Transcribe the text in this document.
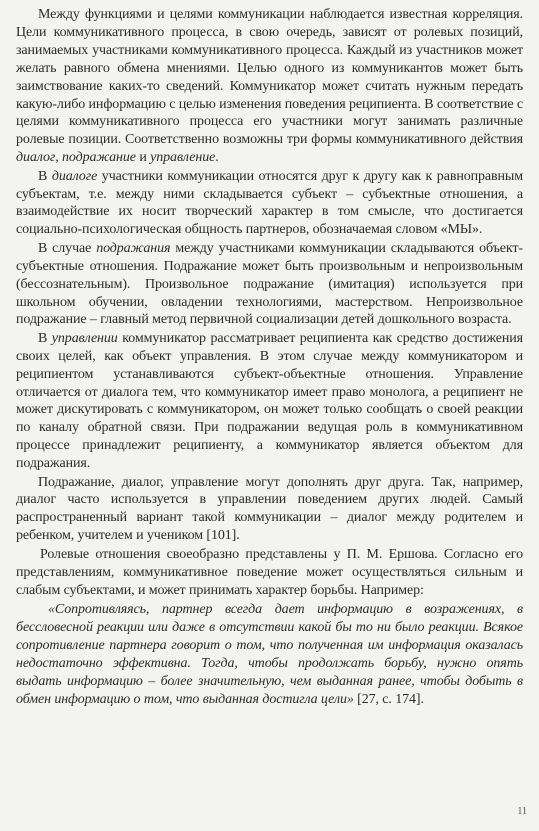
Между функциями и целями коммуникации наблюдается известная корреляция. Цели коммуникативного процесса, в свою очередь, зависят от ролевых позиций, занимаемых участниками коммуникативного процесса. Каждый из участников может желать равного обмена мнениями. Целью одного из коммуникантов может быть заимствование каких-то сведений. Коммуникатор может считать нужным передать какую-либо информацию с целью изменения поведения реципиента. В соответствие с целями коммуникативного процесса его участники могут занимать различные ролевые позиции. Соответственно возможны три формы коммуникативного действия диалог, подражание и управление.

В диалоге участники коммуникации относятся друг к другу как к равноправным субъектам, т.е. между ними складывается субъект – субъектные отношения, а взаимодействие их носит творческий характер в том смысле, что достигается социально-психологическая общность партнеров, обозначаемая словом «МЫ».

В случае подражания между участниками коммуникации складываются объект-субъектные отношения. Подражание может быть произвольным и непроизвольным (бессознательным). Произвольное подражание (имитация) используется при школьном обучении, овладении технологиями, мастерством. Непроизвольное подражание – главный метод первичной социализации детей дошкольного возраста.

В управлении коммуникатор рассматривает реципиента как средство достижения своих целей, как объект управления. В этом случае между коммуникатором и реципиентом устанавливаются субъект-объектные отношения. Управление отличается от диалога тем, что коммуникатор имеет право монолога, а реципиент не может дискутировать с коммуникатором, он может только сообщать о своей реакции по каналу обратной связи. При подражании ведущая роль в коммуникативном процессе принадлежит реципиенту, а коммуникатор является объектом для подражания.

Подражание, диалог, управление могут дополнять друг друга. Так, например, диалог часто используется в управлении поведением других людей. Самый распространенный вариант такой коммуникации – диалог между родителем и ребенком, учителем и учеником [101].

Ролевые отношения своеобразно представлены у П. М. Ершова. Согласно его представлениям, коммуникативное поведение может осуществляться сильным и слабым субъектами, и может принимать характер борьбы. Например:

«Сопротивляясь, партнер всегда дает информацию в возражениях, в бессловесной реакции или даже в отсутствии какой бы то ни было реакции. Всякое сопротивление партнера говорит о том, что полученная им информация оказалась недостаточно эффективна. Тогда, чтобы продолжать борьбу, нужно опять выдать информацию – более значительную, чем выданная ранее, чтобы добыть в обмен информацию о том, что выданная достигла цели» [27, с. 174].

11
